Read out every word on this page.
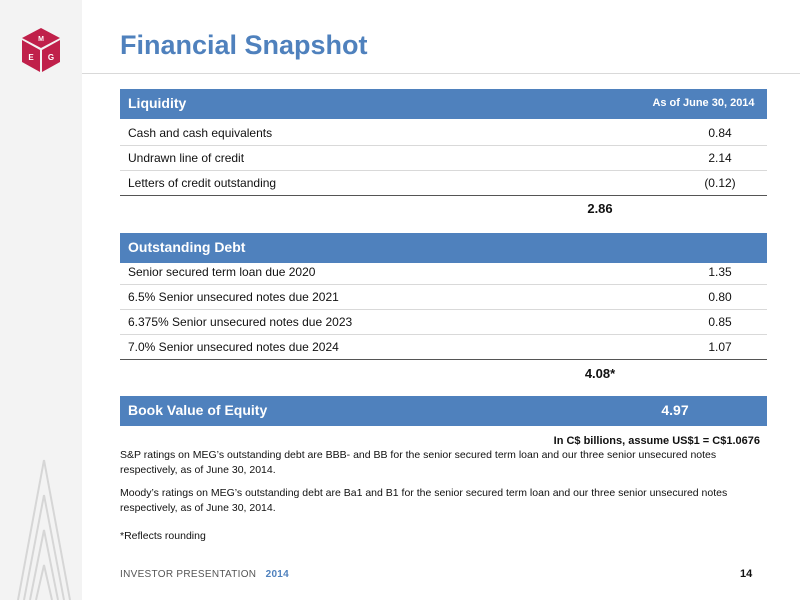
M
E G Financial Snapshot
Liquidity	As of June 30, 2014
Cash and cash equivalents	0.84
Undrawn line of credit	2.14
Letters of credit outstanding	(0.12)
2.86
Outstanding Debt
Senior secured term loan due 2020	1.35
6.5% Senior unsecured notes due 2021	0.80
6.375% Senior unsecured notes due 2023	0.85
7.0% Senior unsecured notes due 2024	1.07
4.08*
Book Value of Equity	4.97
In C$ billions, assume US$1 = C$1.0676
S&P ratings on MEG’s outstanding debt are BBB- and BB for the senior secured term loan and our three senior unsecured notes respectively, as of June 30, 2014.
Moody’s ratings on MEG’s outstanding debt are Ba1 and B1 for the senior secured term loan and our three senior unsecured notes respectively, as of June 30, 2014.
*Reflects rounding
INVESTOR PRESENTATION 2014	14
